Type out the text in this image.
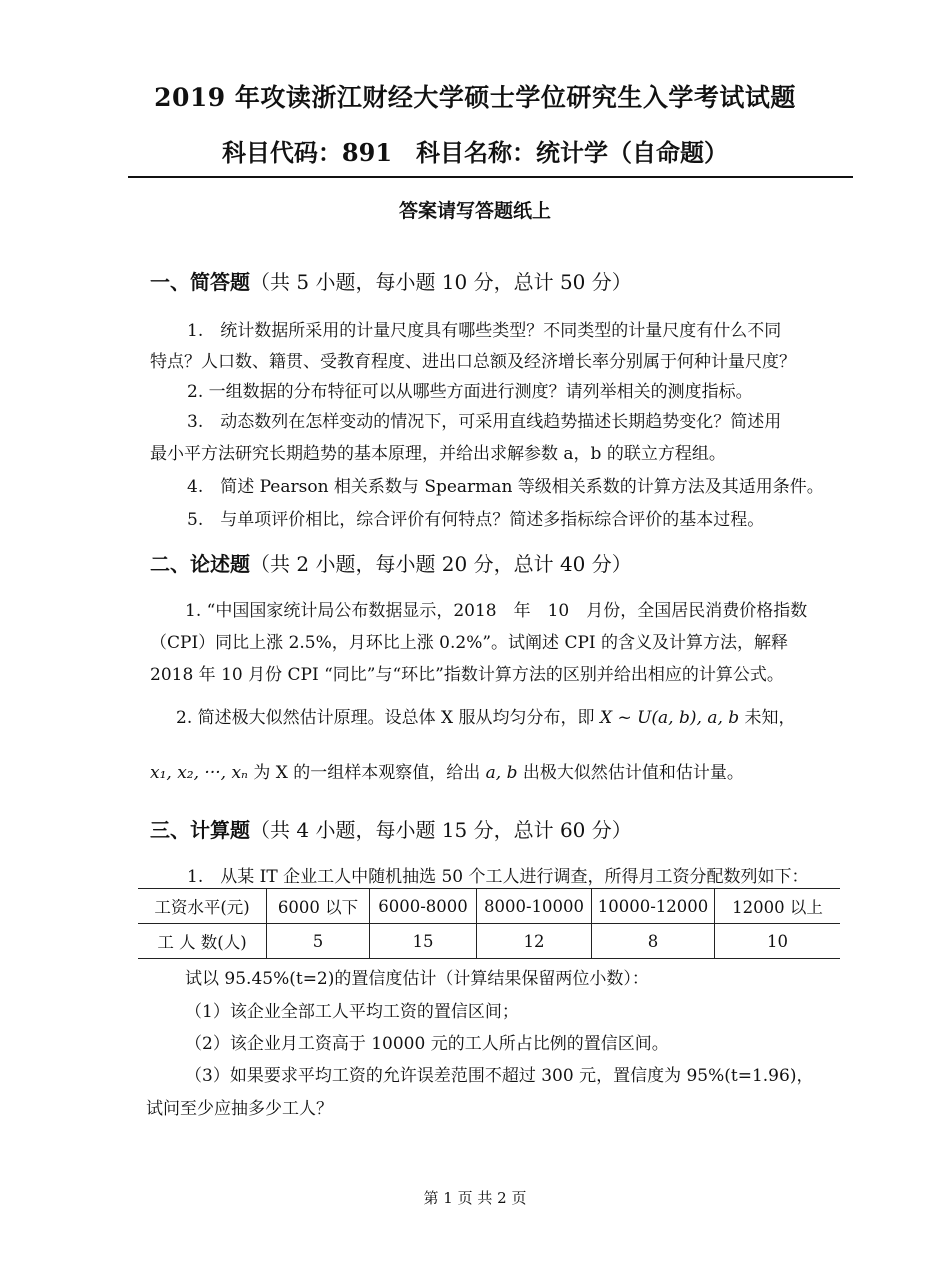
2019 年攻读浙江财经大学硕士学位研究生入学考试试题
科目代码：891　科目名称：统计学（自命题）
答案请写答题纸上
一、简答题（共 5 小题，每小题 10 分，总计 50 分）
1.　统计数据所采用的计量尺度具有哪些类型？不同类型的计量尺度有什么不同
特点？人口数、籍贯、受教育程度、进出口总额及经济增长率分别属于何种计量尺度？
2. 一组数据的分布特征可以从哪些方面进行测度？请列举相关的测度指标。
3.　动态数列在怎样变动的情况下，可采用直线趋势描述长期趋势变化？简述用
最小平方法研究长期趋势的基本原理，并给出求解参数 a，b 的联立方程组。
4.　简述 Pearson 相关系数与 Spearman 等级相关系数的计算方法及其适用条件。
5.　与单项评价相比，综合评价有何特点？简述多指标综合评价的基本过程。
二、论述题（共 2 小题，每小题 20 分，总计 40 分）
1. “中国国家统计局公布数据显示，2018　年　10　月份，全国居民消费价格指数
（CPI）同比上涨 2.5%，月环比上涨 0.2%”。试阐述 CPI 的含义及计算方法，解释
2018 年 10 月份 CPI “同比”与“环比”指数计算方法的区别并给出相应的计算公式。
2. 简述极大似然估计原理。设总体 X 服从均匀分布，即 X ~ U(a, b), a, b 未知，
x₁, x₂, ···, xₙ 为 X 的一组样本观察值，给出 a, b 出极大似然估计值和估计量。
三、计算题（共 4 小题，每小题 15 分，总计 60 分）
1.　从某 IT 企业工人中随机抽选 50 个工人进行调查，所得月工资分配数列如下：
工资水平(元)	6000 以下	6000-8000	8000-10000	10000-12000	12000 以上
工 人 数(人)	5	15	12	8	10
试以 95.45%(t=2)的置信度估计（计算结果保留两位小数）：
（1）该企业全部工人平均工资的置信区间；
（2）该企业月工资高于 10000 元的工人所占比例的置信区间。
（3）如果要求平均工资的允许误差范围不超过 300 元，置信度为 95%(t=1.96)，
试问至少应抽多少工人？
第 1 页 共 2 页
